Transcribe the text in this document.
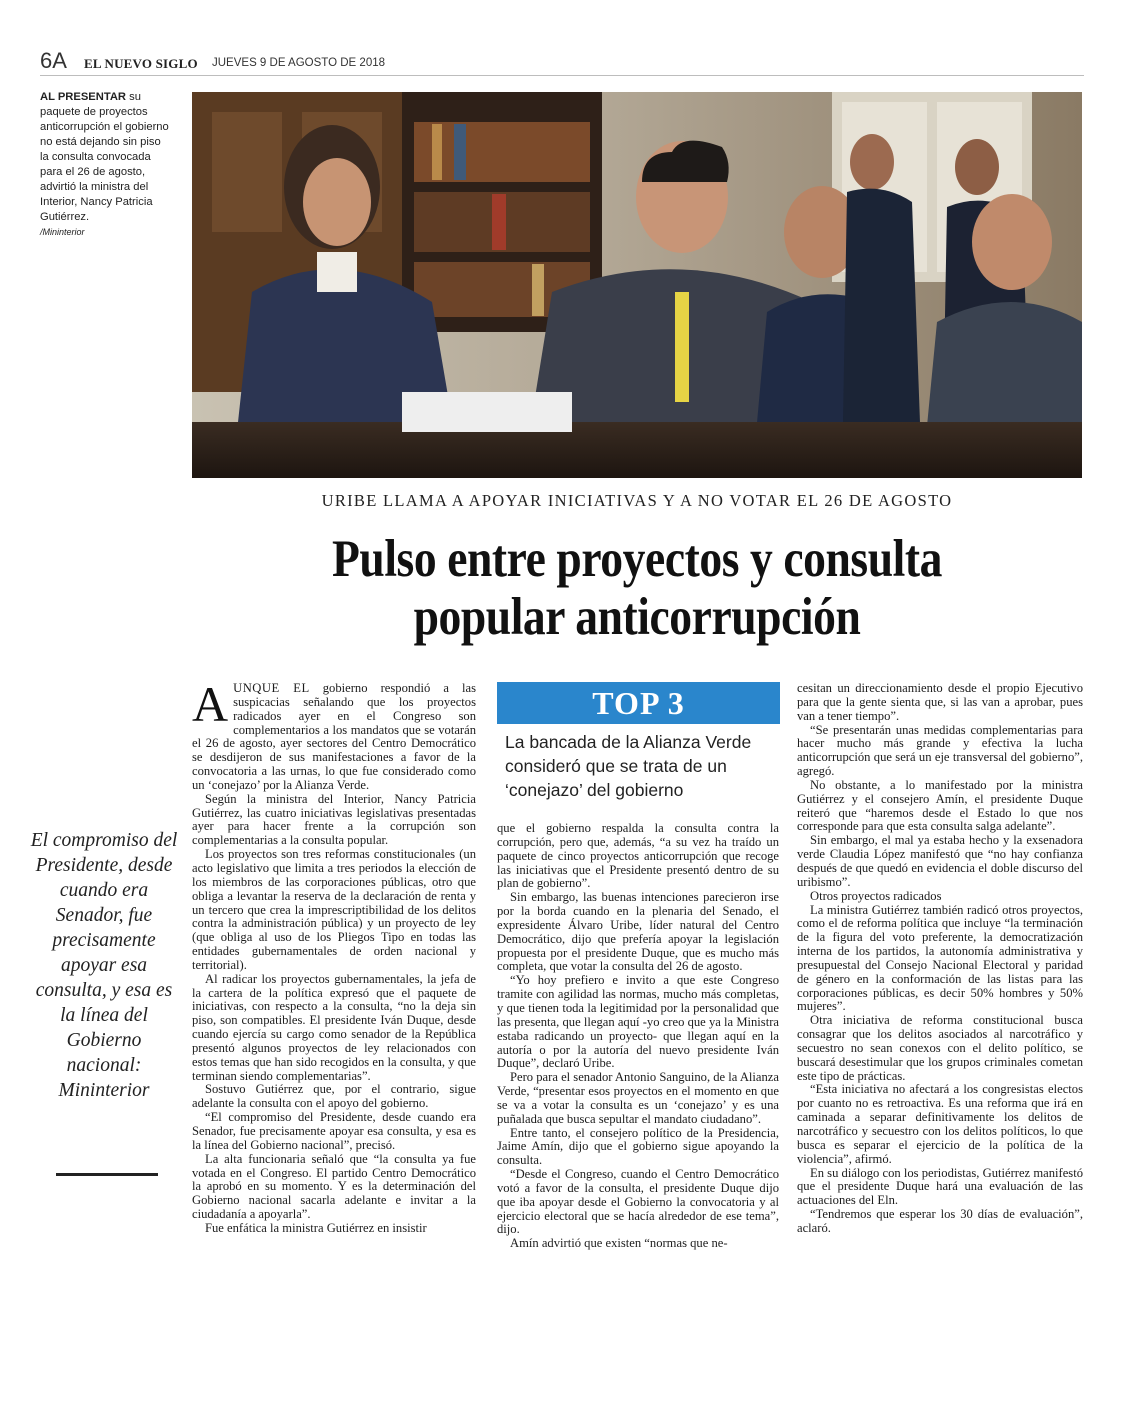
6A EL NUEVO SIGLO JUEVES 9 DE AGOSTO DE 2018
AL PRESENTAR su paquete de proyectos anticorrupción el gobierno no está dejando sin piso la consulta convocada para el 26 de agosto, advirtió la ministra del Interior, Nancy Patricia Gutiérrez.
/Mininterior
URIBE LLAMA A APOYAR INICIATIVAS Y A NO VOTAR EL 26 DE AGOSTO
Pulso entre proyectos y consulta popular anticorrupción
El compromiso del Presidente, desde cuando era Senador, fue precisamente apoyar esa consulta, y esa es la línea del Gobierno nacional: Mininterior
TOP 3
La bancada de la Alianza Verde consideró que se trata de un ‘conejazo’ del gobierno

AUNQUE EL gobierno respondió a las suspicacias señalando que los proyectos radicados ayer en el Congreso son complementarios a los mandatos que se votarán el 26 de agosto, ayer sectores del Centro Democrático se desdijeron de sus manifestaciones a favor de la convocatoria a las urnas, lo que fue considerado como un ‘conejazo’ por la Alianza Verde.

Según la ministra del Interior, Nancy Patricia Gutiérrez, las cuatro iniciativas legislativas presentadas ayer para hacer frente a la corrupción son complementarias a la consulta popular.

Los proyectos son tres reformas constitucionales (un acto legislativo que limita a tres periodos la elección de los miembros de las corporaciones públicas, otro que obliga a levantar la reserva de la declaración de renta y un tercero que crea la imprescriptibilidad de los delitos contra la administración pública) y un proyecto de ley (que obliga al uso de los Pliegos Tipo en todas las entidades gubernamentales de orden nacional y territorial).

Al radicar los proyectos gubernamentales, la jefa de la cartera de la política expresó que el paquete de iniciativas, con respecto a la consulta, “no la deja sin piso, son compatibles. El presidente Iván Duque, desde cuando ejercía su cargo como senador de la República presentó algunos proyectos de ley relacionados con estos temas que han sido recogidos en la consulta, y que terminan siendo complementarias”.

Sostuvo Gutiérrez que, por el contrario, sigue adelante la consulta con el apoyo del gobierno.

“El compromiso del Presidente, desde cuando era Senador, fue precisamente apoyar esa consulta, y esa es la línea del Gobierno nacional”, precisó.

La alta funcionaria señaló que “la consulta ya fue votada en el Congreso. El partido Centro Democrático la aprobó en su momento. Y es la determinación del Gobierno nacional sacarla adelante e invitar a la ciudadanía a apoyarla”.

Fue enfática la ministra Gutiérrez en insistir

que el gobierno respalda la consulta contra la corrupción, pero que, además, “a su vez ha traído un paquete de cinco proyectos anticorrupción que recoge las iniciativas que el Presidente presentó dentro de su plan de gobierno”.

Sin embargo, las buenas intenciones parecieron irse por la borda cuando en la plenaria del Senado, el expresidente Álvaro Uribe, líder natural del Centro Democrático, dijo que prefería apoyar la legislación propuesta por el presidente Duque, que es mucho más completa, que votar la consulta del 26 de agosto.

“Yo hoy prefiero e invito a que este Congreso tramite con agilidad las normas, mucho más completas, y que tienen toda la legitimidad por la personalidad que las presenta, que llegan aquí -yo creo que ya la Ministra estaba radicando un proyecto- que llegan aquí en la autoría o por la autoría del nuevo presidente Iván Duque”, declaró Uribe.

Pero para el senador Antonio Sanguino, de la Alianza Verde, “presentar esos proyectos en el momento en que se va a votar la consulta es un ‘conejazo’ y es una puñalada que busca sepultar el mandato ciudadano”.

Entre tanto, el consejero político de la Presidencia, Jaime Amín, dijo que el gobierno sigue apoyando la consulta.

“Desde el Congreso, cuando el Centro Democrático votó a favor de la consulta, el presidente Duque dijo que iba apoyar desde el Gobierno la convocatoria y al ejercicio electoral que se hacía alrededor de ese tema”, dijo.

Amín advirtió que existen “normas que ne-

cesitan un direccionamiento desde el propio Ejecutivo para que la gente sienta que, si las van a aprobar, pues van a tener tiempo”.

“Se presentarán unas medidas complementarias para hacer mucho más grande y efectiva la lucha anticorrupción que será un eje transversal del gobierno”, agregó.

No obstante, a lo manifestado por la ministra Gutiérrez y el consejero Amín, el presidente Duque reiteró que “haremos desde el Estado lo que nos corresponde para que esta consulta salga adelante”.

Sin embargo, el mal ya estaba hecho y la exsenadora verde Claudia López manifestó que “no hay confianza después de que quedó en evidencia el doble discurso del uribismo”.

Otros proyectos radicados

La ministra Gutiérrez también radicó otros proyectos, como el de reforma política que incluye “la terminación de la figura del voto preferente, la democratización interna de los partidos, la autonomía administrativa y presupuestal del Consejo Nacional Electoral y paridad de género en la conformación de las listas para las corporaciones públicas, es decir 50% hombres y 50% mujeres”.

Otra iniciativa de reforma constitucional busca consagrar que los delitos asociados al narcotráfico y secuestro no sean conexos con el delito político, se buscará desestimular que los grupos criminales cometan este tipo de prácticas.

“Esta iniciativa no afectará a los congresistas electos por cuanto no es retroactiva. Es una reforma que irá en caminada a separar definitivamente los delitos de narcotráfico y secuestro con los delitos políticos, lo que busca es separar el ejercicio de la política de la violencia”, afirmó.

En su diálogo con los periodistas, Gutiérrez manifestó que el presidente Duque hará una evaluación de las actuaciones del Eln.

“Tendremos que esperar los 30 días de evaluación”, aclaró.
